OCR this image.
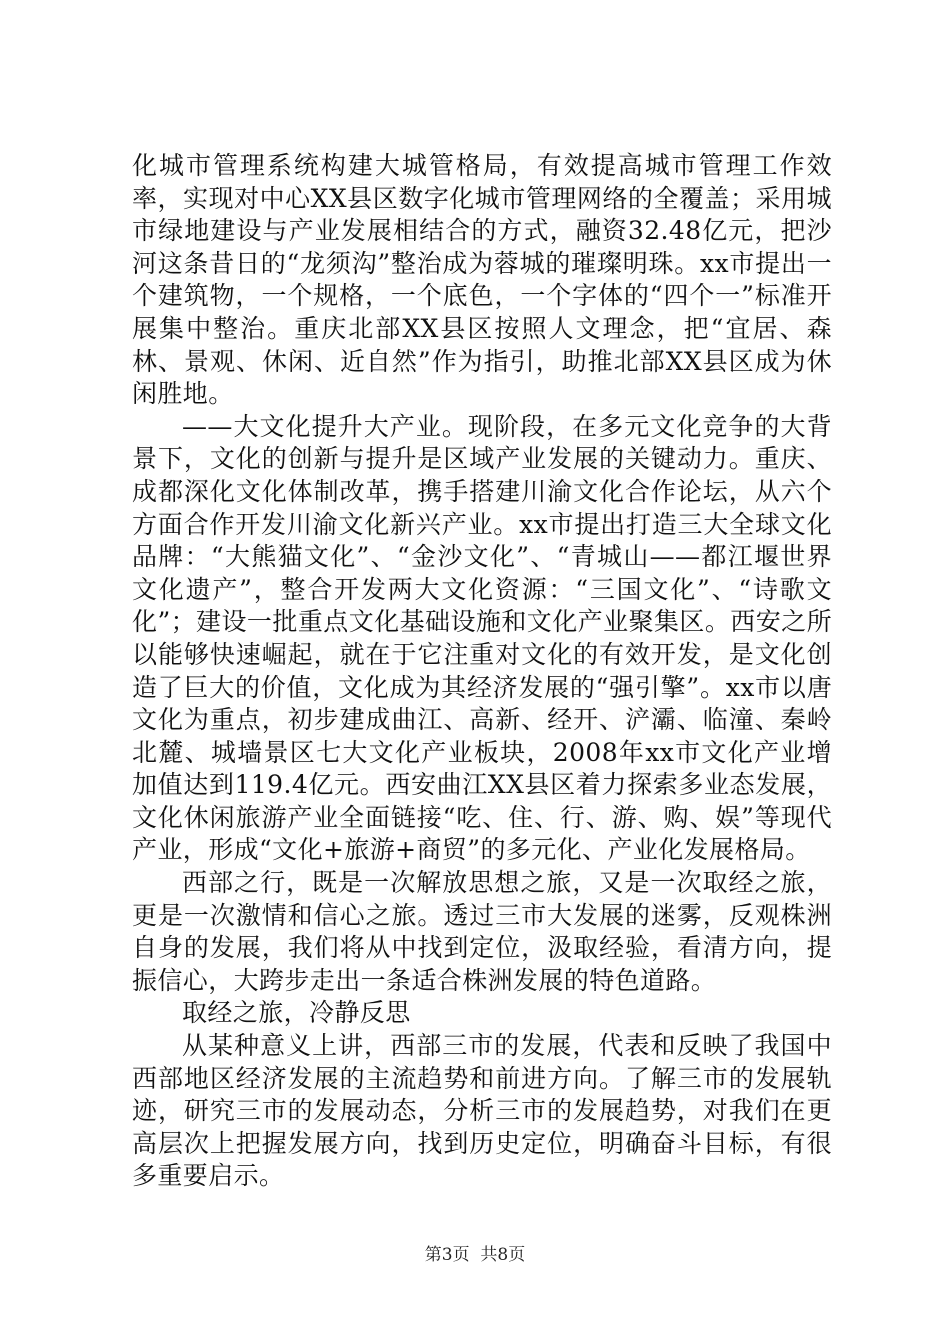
化城市管理系统构建大城管格局，有效提高城市管理工作效率，实现对中心XX县区数字化城市管理网络的全覆盖；采用城市绿地建设与产业发展相结合的方式，融资32.48亿元，把沙河这条昔日的“龙须沟”整治成为蓉城的璀璨明珠。xx市提出一个建筑物，一个规格，一个底色，一个字体的“四个一”标准开展集中整治。重庆北部XX县区按照人文理念，把“宜居、森林、景观、休闲、近自然”作为指引，助推北部XX县区成为休闲胜地。

——大文化提升大产业。现阶段，在多元文化竞争的大背景下，文化的创新与提升是区域产业发展的关键动力。重庆、成都深化文化体制改革，携手搭建川渝文化合作论坛，从六个方面合作开发川渝文化新兴产业。xx市提出打造三大全球文化品牌：“大熊猫文化”、“金沙文化”、“青城山——都江堰世界文化遗产”，整合开发两大文化资源：“三国文化”、“诗歌文化”；建设一批重点文化基础设施和文化产业聚集区。西安之所以能够快速崛起，就在于它注重对文化的有效开发，是文化创造了巨大的价值，文化成为其经济发展的“强引擎”。xx市以唐文化为重点，初步建成曲江、高新、经开、浐灞、临潼、秦岭北麓、城墙景区七大文化产业板块，2008年xx市文化产业增加值达到119.4亿元。西安曲江XX县区着力探索多业态发展，文化休闲旅游产业全面链接“吃、住、行、游、购、娱”等现代产业，形成“文化+旅游+商贸”的多元化、产业化发展格局。

西部之行，既是一次解放思想之旅，又是一次取经之旅，更是一次激情和信心之旅。透过三市大发展的迷雾，反观株洲自身的发展，我们将从中找到定位，汲取经验，看清方向，提振信心，大跨步走出一条适合株洲发展的特色道路。

取经之旅，冷静反思

从某种意义上讲，西部三市的发展，代表和反映了我国中西部地区经济发展的主流趋势和前进方向。了解三市的发展轨迹，研究三市的发展动态，分析三市的发展趋势，对我们在更高层次上把握发展方向，找到历史定位，明确奋斗目标，有很多重要启示。

第3页  共8页
